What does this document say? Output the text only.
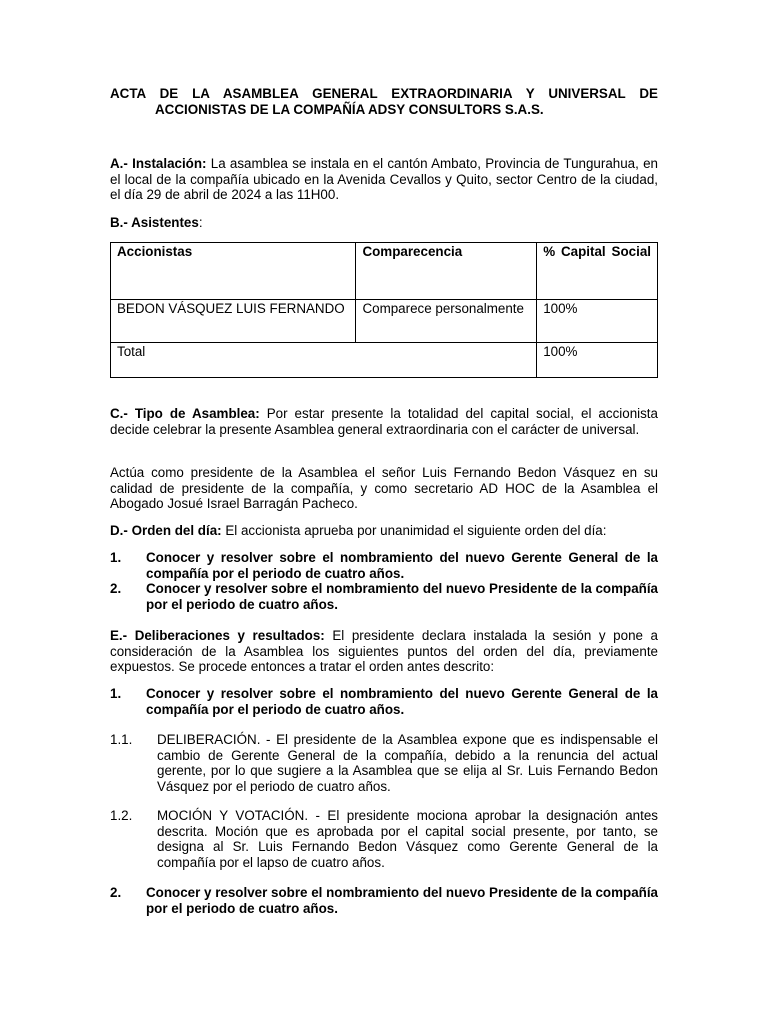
ACTA DE LA ASAMBLEA GENERAL EXTRAORDINARIA Y UNIVERSAL DE
ACCIONISTAS DE LA COMPAÑÍA ADSY CONSULTORS S.A.S.

A.- Instalación: La asamblea se instala en el cantón Ambato, Provincia de Tungurahua, en el local de la compañía ubicado en la Avenida Cevallos y Quito, sector Centro de la ciudad, el día 29 de abril de 2024 a las 11H00.

B.- Asistentes:

Accionistas	Comparecencia	% Capital Social

BEDON VÁSQUEZ LUIS FERNANDO	Comparece personalmente	100%
Total		100%

C.- Tipo de Asamblea: Por estar presente la totalidad del capital social, el accionista decide celebrar la presente Asamblea general extraordinaria con el carácter de universal.

Actúa como presidente de la Asamblea el señor Luis Fernando Bedon Vásquez en su calidad de presidente de la compañía, y como secretario AD HOC de la Asamblea el Abogado Josué Israel Barragán Pacheco.

D.- Orden del día: El accionista aprueba por unanimidad el siguiente orden del día:

1.	Conocer y resolver sobre el nombramiento del nuevo Gerente General de la compañía por el periodo de cuatro años.
2.	Conocer y resolver sobre el nombramiento del nuevo Presidente de la compañía por el periodo de cuatro años.

E.- Deliberaciones y resultados: El presidente declara instalada la sesión y pone a consideración de la Asamblea los siguientes puntos del orden del día, previamente expuestos. Se procede entonces a tratar el orden antes descrito:

1.	Conocer y resolver sobre el nombramiento del nuevo Gerente General de la compañía por el periodo de cuatro años.
1.1.	DELIBERACIÓN. - El presidente de la Asamblea expone que es indispensable el cambio de Gerente General de la compañía, debido a la renuncia del actual gerente, por lo que sugiere a la Asamblea que se elija al Sr. Luis Fernando Bedon Vásquez por el periodo de cuatro años.
1.2.	MOCIÓN Y VOTACIÓN. - El presidente mociona aprobar la designación antes descrita. Moción que es aprobada por el capital social presente, por tanto, se designa al Sr. Luis Fernando Bedon Vásquez como Gerente General de la compañía por el lapso de cuatro años.
2.	Conocer y resolver sobre el nombramiento del nuevo Presidente de la compañía por el periodo de cuatro años.
